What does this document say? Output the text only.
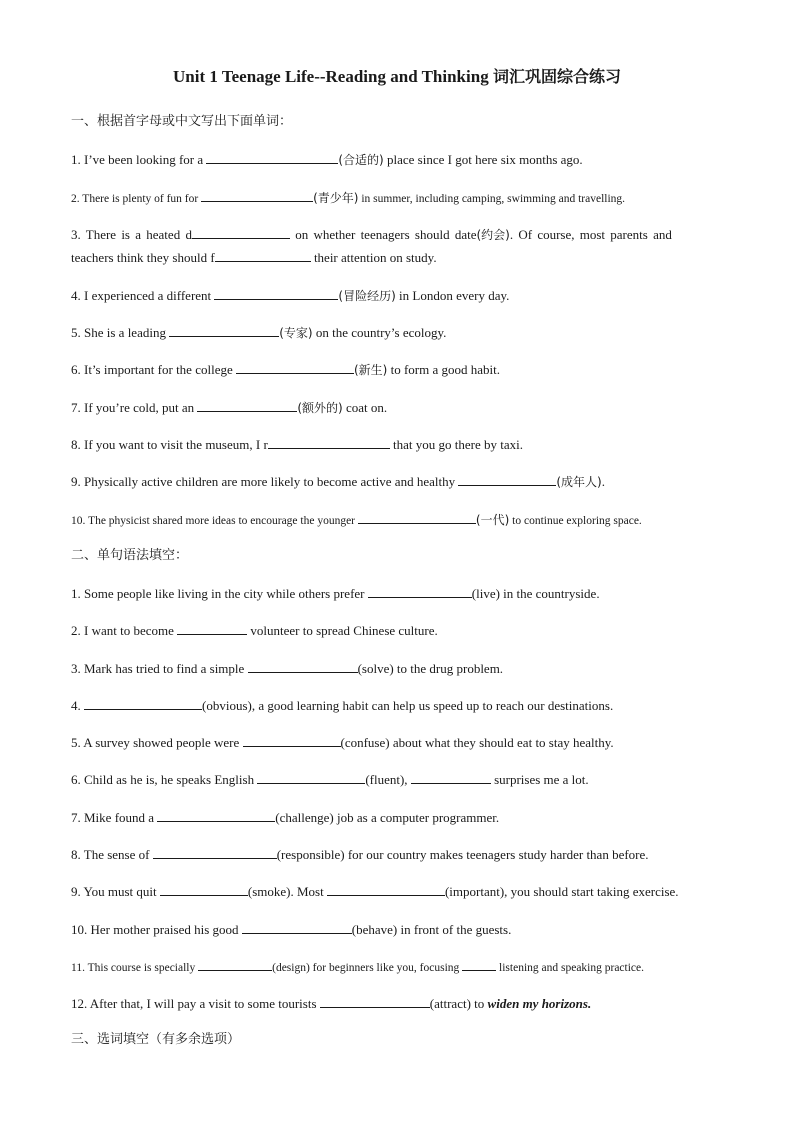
Unit 1 Teenage Life--Reading and Thinking 词汇巩固综合练习
一、根据首字母或中文写出下面单词：
1. I’ve been looking for a	(合适的) place since I got here six months ago.
2. There is plenty of fun for	(青少年) in summer, including camping, swimming and travelling.
3. There is a heated d	on whether teenagers should date(约会). Of course, most parents and
teachers think they should f	their attention on study.
4. I experienced a different	(冒险经历) in London every day.
5. She is a leading	(专家) on the country’s ecology.
6. It’s important for the college	(新生) to form a good habit.
7. If you’re cold, put an	(额外的) coat on.
8. If you want to visit the museum, I r	that you go there by taxi.
9. Physically active children are more likely to become active and healthy	(成年人).
10. The physicist shared more ideas to encourage the younger	(一代) to continue exploring space.
二、单句语法填空：
1. Some people like living in the city while others prefer	(live) in the countryside.
2. I want to become	volunteer to spread Chinese culture.
3. Mark has tried to find a simple	(solve) to the drug problem.
4.	(obvious), a good learning habit can help us speed up to reach our destinations.
5. A survey showed people were	(confuse) about what they should eat to stay healthy.
6. Child as he is, he speaks English	(fluent),	surprises me a lot.
7. Mike found a	(challenge) job as a computer programmer.
8. The sense of	(responsible) for our country makes teenagers study harder than before.
9. You must quit	(smoke). Most	(important), you should start taking exercise.
10. Her mother praised his good	(behave) in front of the guests.
11. This course is specially	(design) for beginners like you, focusing	listening and speaking practice.
12. After that, I will pay a visit to some tourists	(attract) to widen my horizons.
三、选词填空（有多余选项）
